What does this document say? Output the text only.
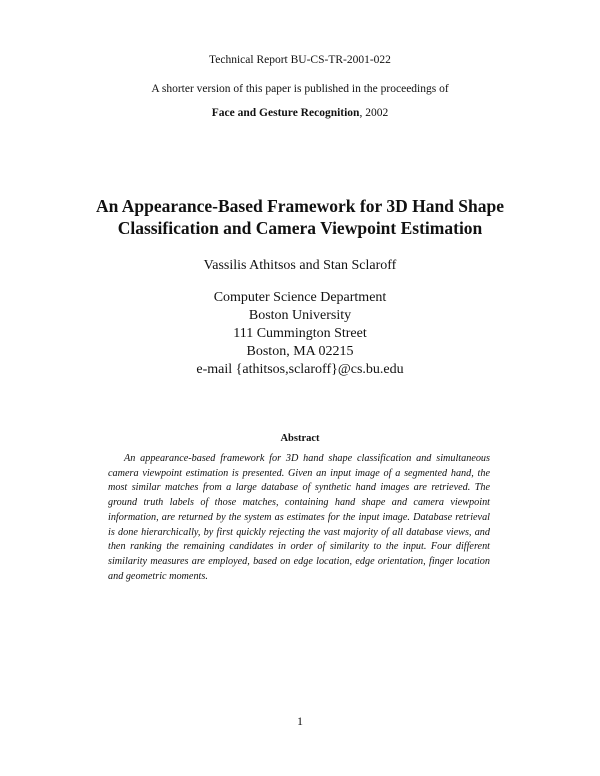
Technical Report BU-CS-TR-2001-022
A shorter version of this paper is published in the proceedings of
Face and Gesture Recognition, 2002
An Appearance-Based Framework for 3D Hand Shape
Classification and Camera Viewpoint Estimation
Vassilis Athitsos and Stan Sclaroff
Computer Science Department
Boston University
111 Cummington Street
Boston, MA 02215
e-mail {athitsos,sclaroff}@cs.bu.edu
Abstract
An appearance-based framework for 3D hand shape classification and simultaneous camera viewpoint estimation is presented. Given an input image of a segmented hand, the most similar matches from a large database of synthetic hand images are retrieved. The ground truth labels of those matches, containing hand shape and camera viewpoint information, are returned by the system as estimates for the input image. Database retrieval is done hierarchically, by first quickly rejecting the vast majority of all database views, and then ranking the remaining candidates in order of similarity to the input. Four different similarity measures are employed, based on edge location, edge orientation, finger location and geometric moments.
1
